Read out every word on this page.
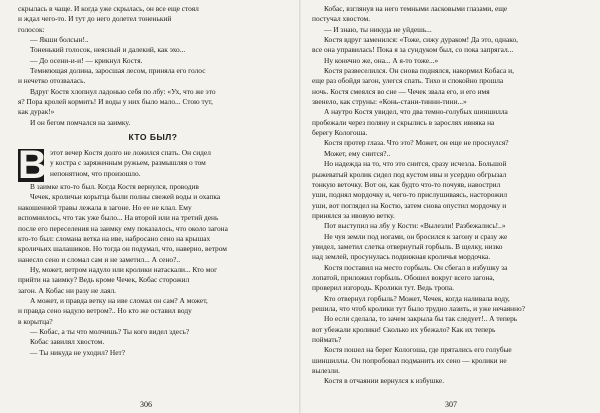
скрылась в чаще. И когда уже скрылась, он все еще стоял

и ждал чего-то. И тут до него долетел тоненький

голосок:

— Якши болсын!..

Тоненький голосок, неясный и далекий, как эхо...

— До осени-и-и! — крикнул Костя.

Темнеющая долина, заросшая лесом, приняла его голос

и нечетко отозвалась.

Вдруг Костя хлопнул ладонью себя по лбу: «Ух, что же это

я? Пора кролей кормить! И воды у них было мало... Стою тут,

как дурак!»

И он бегом помчался на заимку.

КТО БЫЛ?
В этот вечер Костя долго не ложился спать. Он сидел

у костра с заряженным ружьем, размышляя о том

непонятном, что произошло.

В заимке кто-то был. Когда Костя вернулся, проводив

Чечек, кроличьи корытца были полны свежей воды и охапка

накошенной травы лежала в загоне. Но ее не клал. Ему

вспомнилось, что так уже было... На второй или на третий день

после его переселения на заимку ему показалось, что около загона

кто-то был: сломана ветка на иве, набросано сено на крышах

кроличьих шалашиков. Но тогда он подумал, что, наверно, ветром

нанесло сено и сломал сам и не заметил... А сено?..

Ну, может, ветром надуло или кролики натаскали... Кто мог

прийти на заимку? Ведь кроме Чечек, Кобас сторожил

загон. А Кобас ни разу не лаял.

А может, и правда ветку на иве сломал он сам? А может,

и правда сено надуло ветром?.. Но кто же оставил воду

в корытца?

— Кобас, а ты что молчишь? Ты кого видел здесь?

Кобас завилял хвостом.

— Ты никуда не уходил? Нет?

306

Кобас, взглянув на него темными ласковыми глазами, еще

постучал хвостом.

— И знаю, ты никуда не уйдешь...

Костя вдруг заменился: «Тоже, сижу дураком! Да это, однако,

все она управилась! Пока я за сундуком был, со пока запрягал...

Ну конечно же, она... А я-то тоже...»

Костя развеселился. Он снова поднялся, накормил Кобаса и,

еще раз обойдя загон, улегся спать. Тихо и спокойно прошла

ночь. Костя смеялся во сне — Чечек звала его, и его имя

звенело, как струны: «Конь-стани-тинни-тини...»

А наутро Костя увидел, что два темно-голубых шиншилла

пробежали через поляну и скрылись в зарослях ивняка на

берегу Кологоша.

Костя протер глаза. Что это? Может, он еще не проснулся?

Может, ему снится?..

Но надежда на то, что это снится, сразу исчезла. Большой

рыжеватый кролик сидел под кустом ивы и усердно обгрызал

тонкую веточку. Вот он, как будто что-то почуяв, навострил

уши, поднял мордочку и, чего-то прислушиваясь, насторожил

уши, вот поглядел на Костю, затем снова опустил мордочку и

принялся за ивовую ветку.

Пот выступил на лбу у Кости: «Вылезли! Разбежались!..»

Не чуя земли под ногами, он бросился к загону и сразу же

увидел, заметил слетка отвернутый горбыль. В щелку, низко

над землей, просунулась подвижная кроличья мордочка.

Костя поставил на место горбыль. Он сбегал в избушку за

лопатой, приложил горбыль. Обошел вокруг всего загона,

проверил изгородь. Кролики тут. Ведь тропа.

Кто отвернул горбыль? Может, Чечек, когда наливала воду,

решила, что чтоб кролики тут было трудно лазить, и уже нечаянно?

Но если сделала, то зачем закрыла бы так следует!.. А теперь

вот убежали кролики! Сколько их убежало? Как их теперь

поймать?

Костя пошел на берег Кологоша, где прятались его голубые

шиншиллы. Он попробовал подманить их сено — кролики не

вылезли.

Костя в отчаянии вернулся к избушке.

307
